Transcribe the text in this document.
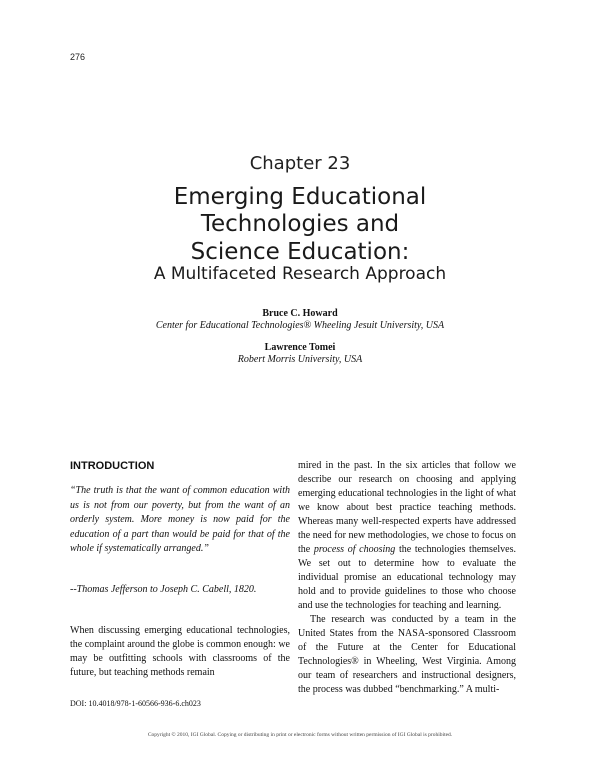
276
Chapter 23
Emerging Educational
Technologies and
Science Education:
A Multifaceted Research Approach
Bruce C. Howard
Center for Educational Technologies® Wheeling Jesuit University, USA
Lawrence Tomei
Robert Morris University, USA
INTRODUCTION
“The truth is that the want of common education with us is not from our poverty, but from the want of an orderly system. More money is now paid for the education of a part than would be paid for that of the whole if systematically arranged.”
--Thomas Jefferson to Joseph C. Cabell, 1820.
When discussing emerging educational technologies, the complaint around the globe is common enough: we may be outfitting schools with classrooms of the future, but teaching methods remain
DOI: 10.4018/978-1-60566-936-6.ch023

mired in the past. In the six articles that follow we describe our research on choosing and applying emerging educational technologies in the light of what we know about best practice teaching methods. Whereas many well-respected experts have addressed the need for new methodologies, we chose to focus on the process of choosing the technologies themselves. We set out to determine how to evaluate the individual promise an educational technology may hold and to provide guidelines to those who choose and use the technologies for teaching and learning.

The research was conducted by a team in the United States from the NASA-sponsored Classroom of the Future at the Center for Educational Technologies® in Wheeling, West Virginia. Among our team of researchers and instructional designers, the process was dubbed “benchmarking.” A multi-

Copyright © 2010, IGI Global. Copying or distributing in print or electronic forms without written permission of IGI Global is prohibited.
